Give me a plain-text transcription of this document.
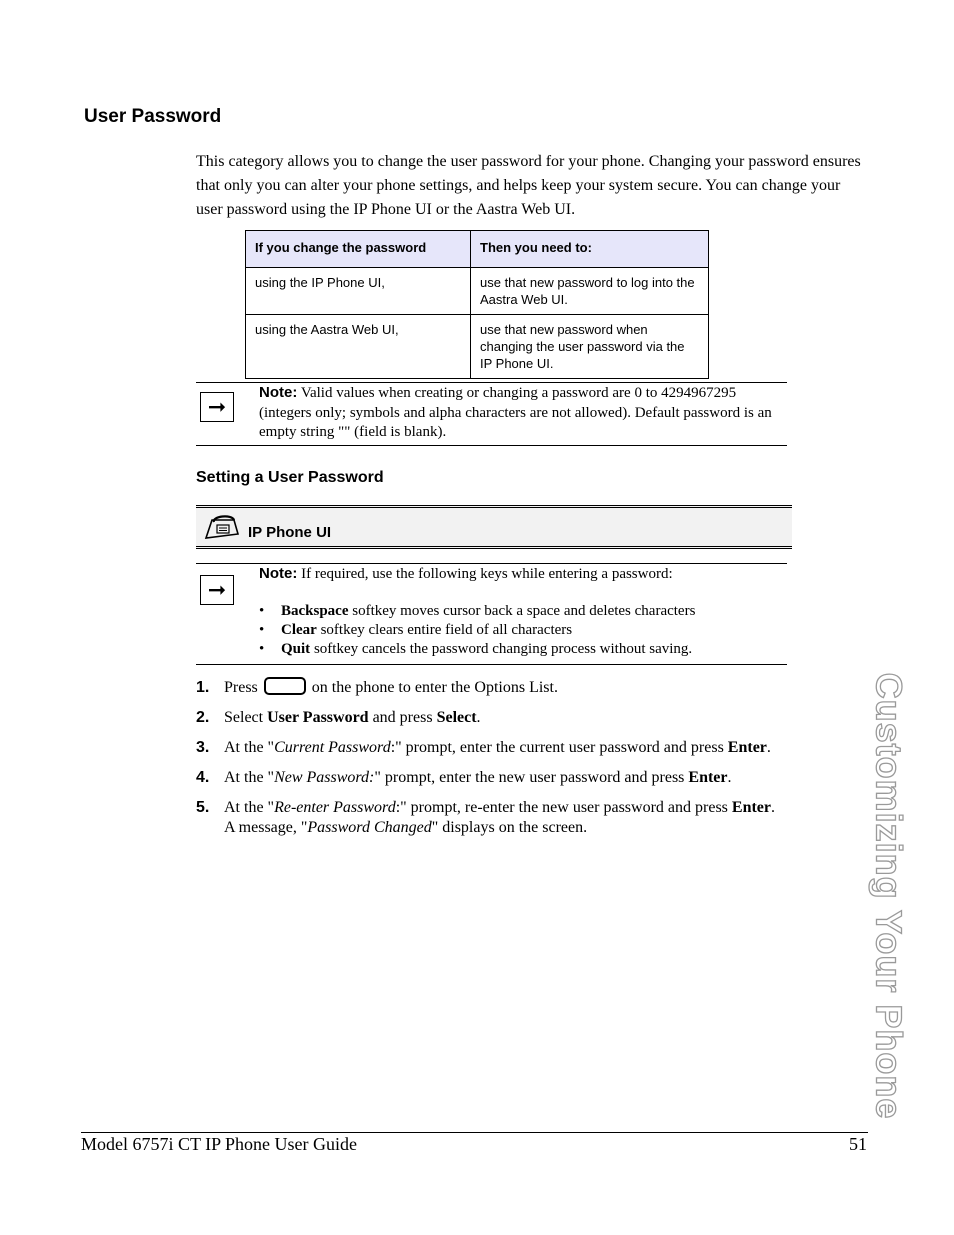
User Password
This category allows you to change the user password for your phone. Changing your password ensures that only you can alter your phone settings, and helps keep your system secure. You can change your user password using the IP Phone UI or the Aastra Web UI.
If you change the password	Then you need to:
using the IP Phone UI,	use that new password to log into the Aastra Web UI.
using the Aastra Web UI,	use that new password when changing the user password via the IP Phone UI.
➞
Note: Valid values when creating or changing a password are 0 to 4294967295 (integers only; symbols and alpha characters are not allowed). Default password is an empty string "" (field is blank).
Setting a User Password
IP Phone UI
➞
Note: If required, use the following keys while entering a password:
• Backspace softkey moves cursor back a space and deletes characters
• Clear softkey clears entire field of all characters
• Quit softkey cancels the password changing process without saving.
1. Press	on the phone to enter the Options List.
2. Select User Password and press Select.
3. At the "Current Password:" prompt, enter the current user password and press Enter.
4. At the "New Password:" prompt, enter the new user password and press Enter.
5. At the "Re-enter Password:" prompt, re-enter the new user password and press Enter.
A message, "Password Changed" displays on the screen.	Customizing Your Phone
Model 6757i CT IP Phone User Guide	51
